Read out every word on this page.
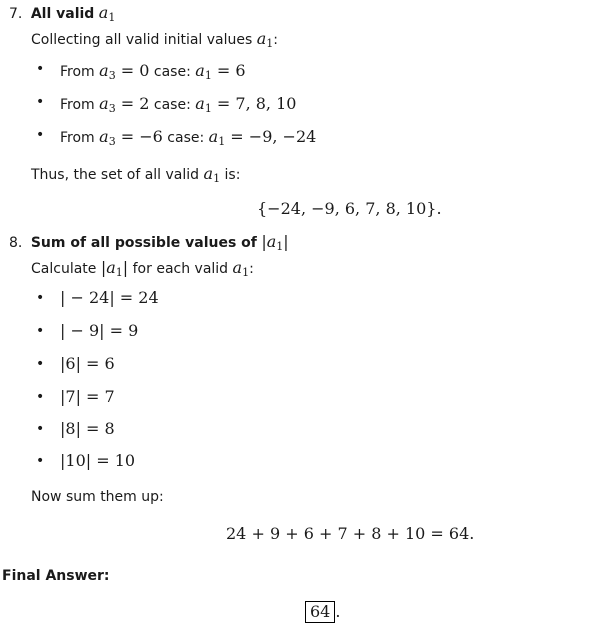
7. All valid $a_1$
Collecting all valid initial values $a_1$:
• From $a_3 = 0$ case: $a_1 = 6$
• From $a_3 = 2$ case: $a_1 = 7$, 8, 10
• From $a_3 = -6$ case: $a_1 = -9$, −24
Thus, the set of all valid $a_1$ is:
{−24, −9, 6, 7, 8, 10}.
8. Sum of all possible values of $|a_1|$
Calculate $|a_1|$ for each valid $a_1$:
• | − 24| = 24
• | − 9| = 9
• |6| = 6
• |7| = 7
• |8| = 8
• |10| = 10
Now sum them up:
24 + 9 + 6 + 7 + 8 + 10 = 64.
Final Answer:
64 .
